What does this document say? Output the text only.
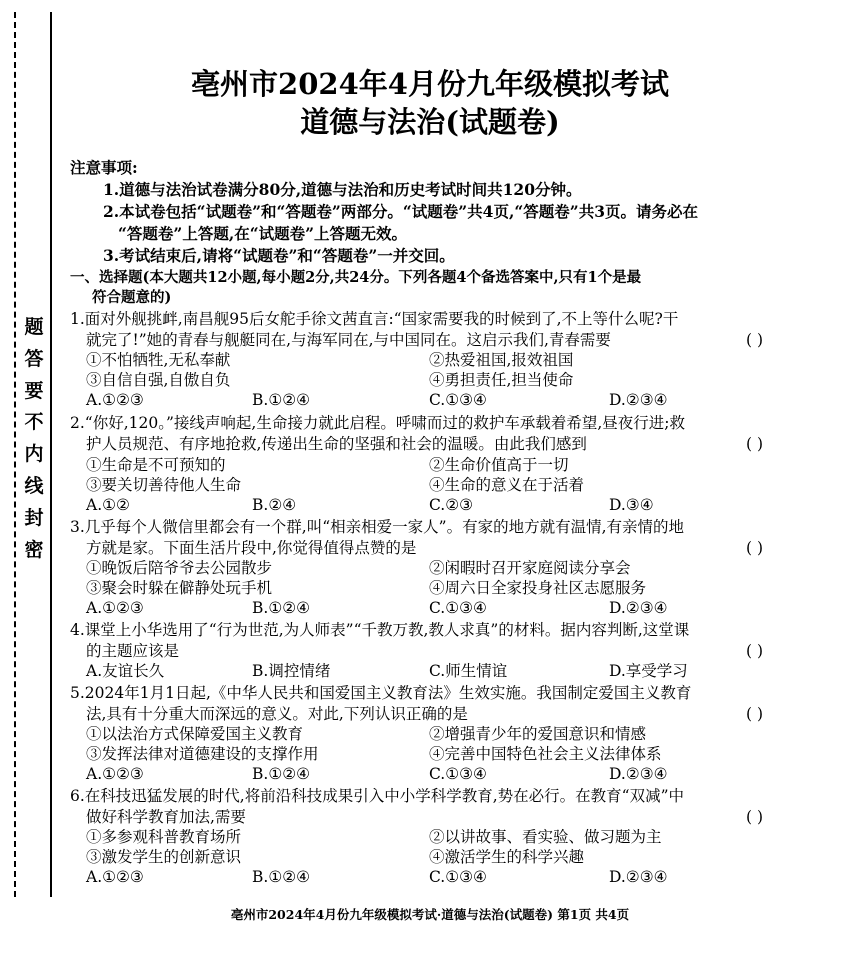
题
答
要
不
内
线
封
密
亳州市2024年4月份九年级模拟考试
道德与法治(试题卷)
注意事项:
1.道德与法治试卷满分80分,道德与法治和历史考试时间共120分钟。
2.本试卷包括“试题卷”和“答题卷”两部分。“试题卷”共4页,“答题卷”共3页。请务必在
“答题卷”上答题,在“试题卷”上答题无效。
3.考试结束后,请将“试题卷”和“答题卷”一并交回。
一、选择题(本大题共12小题,每小题2分,共24分。下列各题4个备选答案中,只有1个是最
符合题意的)
1.面对外舰挑衅,南昌舰95后女舵手徐文茜直言:“国家需要我的时候到了,不上等什么呢?干
就完了!”她的青春与舰艇同在,与海军同在,与中国同在。这启示我们,青春需要	( )
①不怕牺牲,无私奉献	②热爱祖国,报效祖国
③自信自强,自傲自负	④勇担责任,担当使命
A.①②③	B.①②④	C.①③④	D.②③④
2.“你好,120。”接线声响起,生命接力就此启程。呼啸而过的救护车承载着希望,昼夜行进;救
护人员规范、有序地抢救,传递出生命的坚强和社会的温暖。由此我们感到	( )
①生命是不可预知的	②生命价值高于一切
③要关切善待他人生命	④生命的意义在于活着
A.①②	B.②④	C.②③	D.③④
3.几乎每个人微信里都会有一个群,叫“相亲相爱一家人”。有家的地方就有温情,有亲情的地
方就是家。下面生活片段中,你觉得值得点赞的是	( )
①晚饭后陪爷爷去公园散步	②闲暇时召开家庭阅读分享会
③聚会时躲在僻静处玩手机	④周六日全家投身社区志愿服务
A.①②③	B.①②④	C.①③④	D.②③④
4.课堂上小华选用了“行为世范,为人师表”“千教万教,教人求真”的材料。据内容判断,这堂课
的主题应该是	( )
A.友谊长久	B.调控情绪	C.师生情谊	D.享受学习
5.2024年1月1日起,《中华人民共和国爱国主义教育法》生效实施。我国制定爱国主义教育
法,具有十分重大而深远的意义。对此,下列认识正确的是	( )
①以法治方式保障爱国主义教育	②增强青少年的爱国意识和情感
③发挥法律对道德建设的支撑作用	④完善中国特色社会主义法律体系
A.①②③	B.①②④	C.①③④	D.②③④
6.在科技迅猛发展的时代,将前沿科技成果引入中小学科学教育,势在必行。在教育“双减”中
做好科学教育加法,需要	( )
①多参观科普教育场所	②以讲故事、看实验、做习题为主
③激发学生的创新意识	④激活学生的科学兴趣
A.①②③	B.①②④	C.①③④	D.②③④
亳州市2024年4月份九年级模拟考试·道德与法治(试题卷) 第1页 共4页
